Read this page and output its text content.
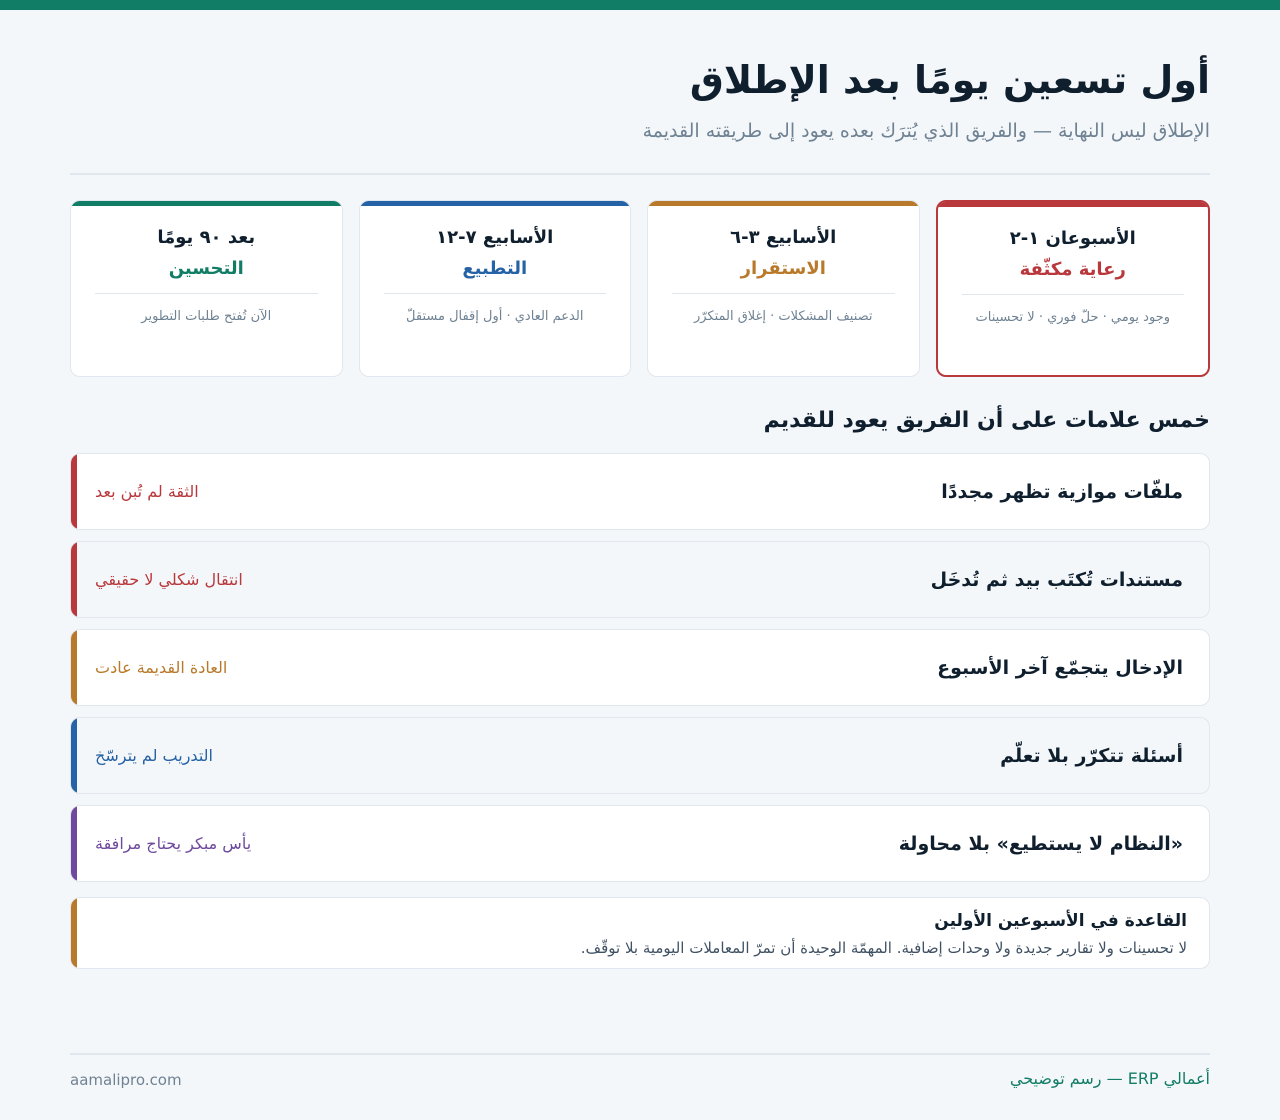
أول تسعين يومًا بعد الإطلاق
الإطلاق ليس النهاية — والفريق الذي يُترَك بعده يعود إلى طريقته القديمة
الأسبوعان ١-٢
رعاية مكثّفة
وجود يومي · حلّ فوري · لا تحسينات
الأسابيع ٣-٦
الاستقرار
تصنيف المشكلات · إغلاق المتكرّر
الأسابيع ٧-١٢
التطبيع
الدعم العادي · أول إقفال مستقلّ
بعد ٩٠ يومًا
التحسين
الآن تُفتح طلبات التطوير
خمس علامات على أن الفريق يعود للقديم
ملفّات موازية تظهر مجددًا
الثقة لم تُبن بعد
مستندات تُكتَب بيد ثم تُدخَل
انتقال شكلي لا حقيقي
الإدخال يتجمّع آخر الأسبوع
العادة القديمة عادت
أسئلة تتكرّر بلا تعلّم
التدريب لم يترسّخ
«النظام لا يستطيع» بلا محاولة
يأس مبكر يحتاج مرافقة
القاعدة في الأسبوعين الأولين
لا تحسينات ولا تقارير جديدة ولا وحدات إضافية. المهمّة الوحيدة أن تمرّ المعاملات اليومية بلا توقّف.
أعمالي ERP — رسم توضيحي
aamalipro.com
